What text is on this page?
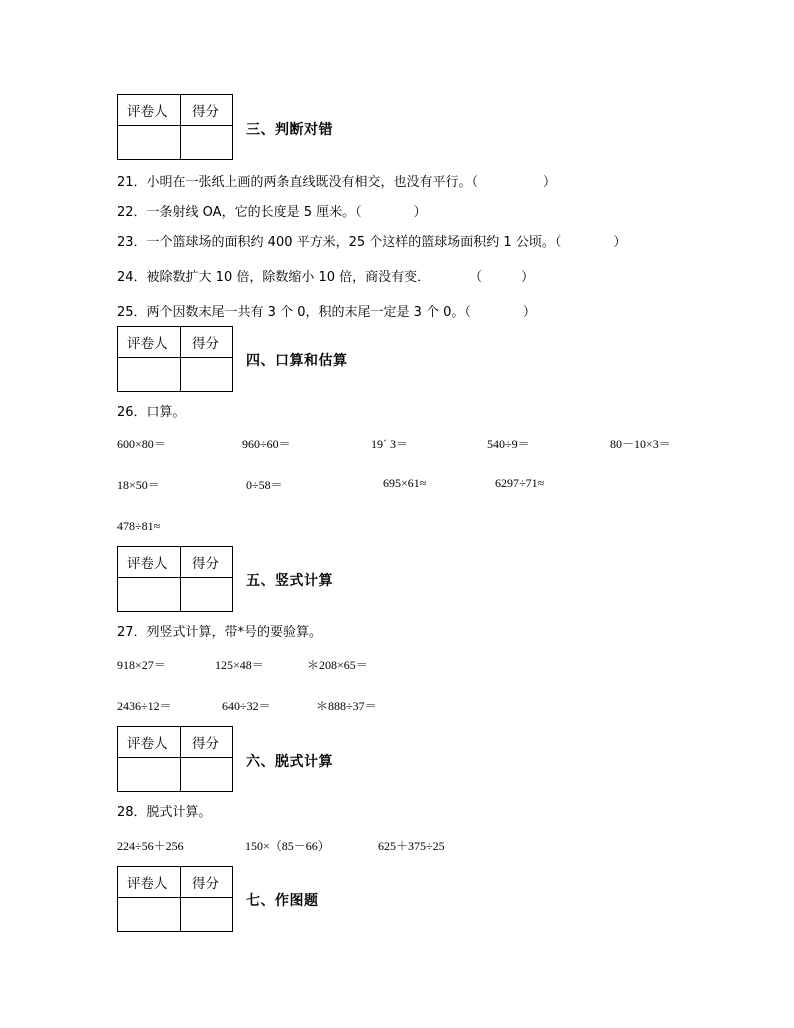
评卷人 得分
三、判断对错
21．小明在一张纸上画的两条直线既没有相交，也没有平行。（　　　　　）
22．一条射线 OA，它的长度是 5 厘米。（　　　　）
23．一个篮球场的面积约 400 平方米，25 个这样的篮球场面积约 1 公顷。（　　　　）
24．被除数扩大 10 倍，除数缩小 10 倍，商没有变．　　　　（　　　）
25．两个因数末尾一共有 3 个 0，积的末尾一定是 3 个 0。（　　　　）
评卷人 得分
四、口算和估算
26．口算。
600×80＝	960÷60＝	19´ 3＝	540÷9＝	80－10×3＝
18×50＝	0÷58＝	695×61≈	6297÷71≈
478÷81≈
评卷人 得分
五、竖式计算
27．列竖式计算，带*号的要验算。
918×27＝	125×48＝	＊208×65＝
2436÷12＝	640÷32＝	＊888÷37＝
评卷人 得分
六、脱式计算
28．脱式计算。
224÷56＋256	150×（85－66）	625＋375÷25
评卷人 得分
七、作图题
